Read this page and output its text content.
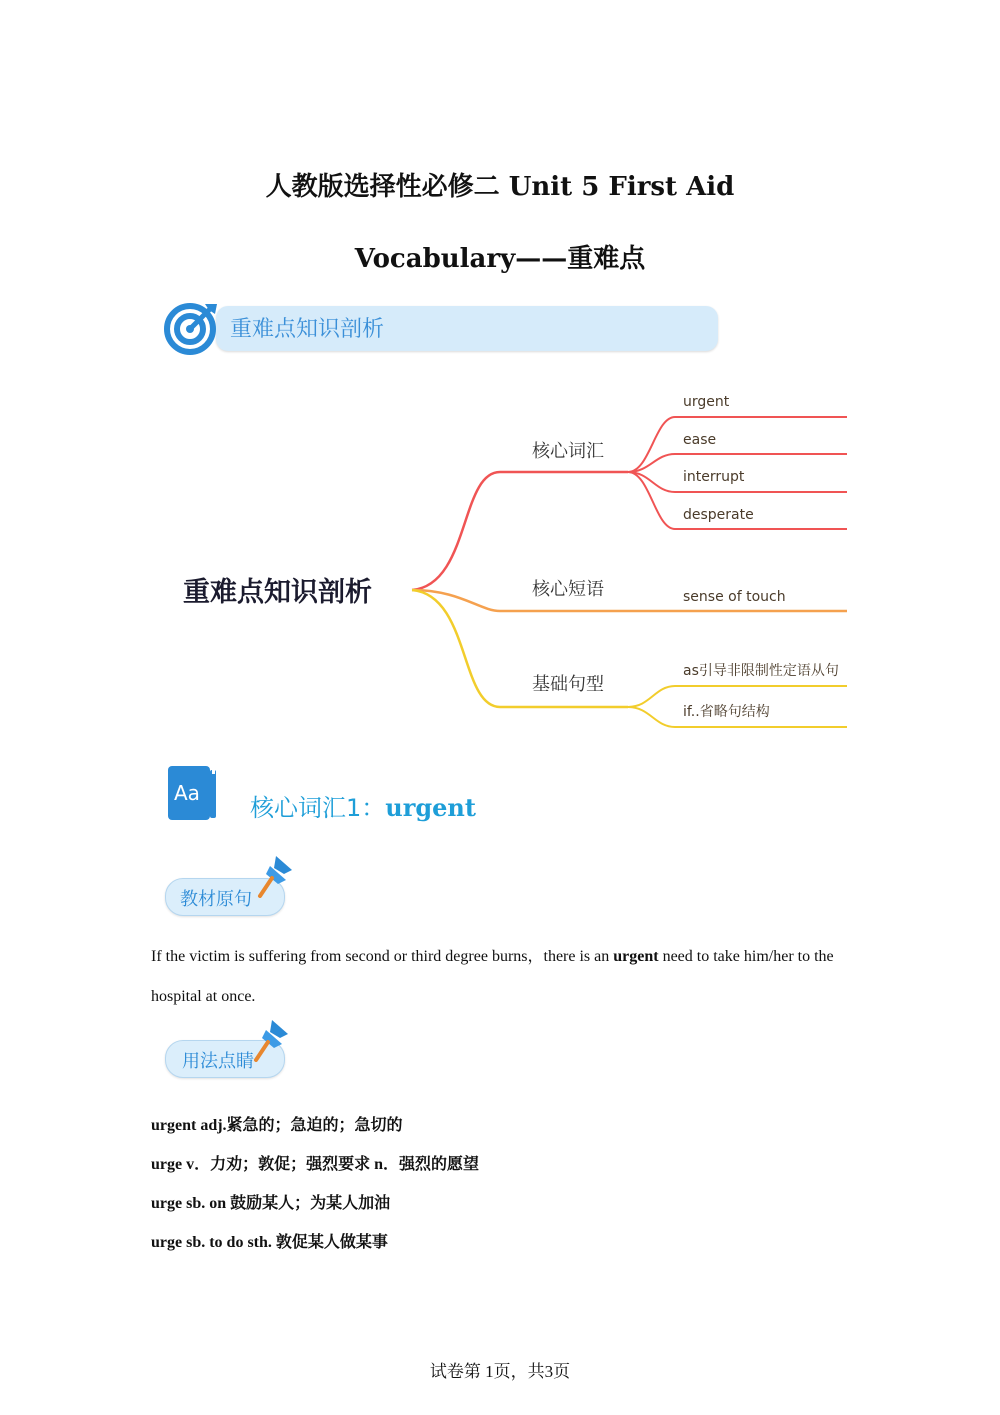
人教版选择性必修二 Unit 5 First Aid
Vocabulary——重难点
重难点知识剖析
重难点知识剖析
核心词汇
urgent
ease
interrupt
desperate
核心短语	sense of touch
基础句型
as引导非限制性定语从句
if..省略句结构
Aa
核心词汇1：urgent
教材原句
If the victim is suffering from second or third degree burns，there is an urgent need to take him/her to the hospital at once.
用法点睛
urgent adj.紧急的；急迫的；急切的
urge v．力劝；敦促；强烈要求 n．强烈的愿望
urge sb. on 鼓励某人；为某人加油
urge sb. to do sth. 敦促某人做某事
试卷第 1页，共3页
